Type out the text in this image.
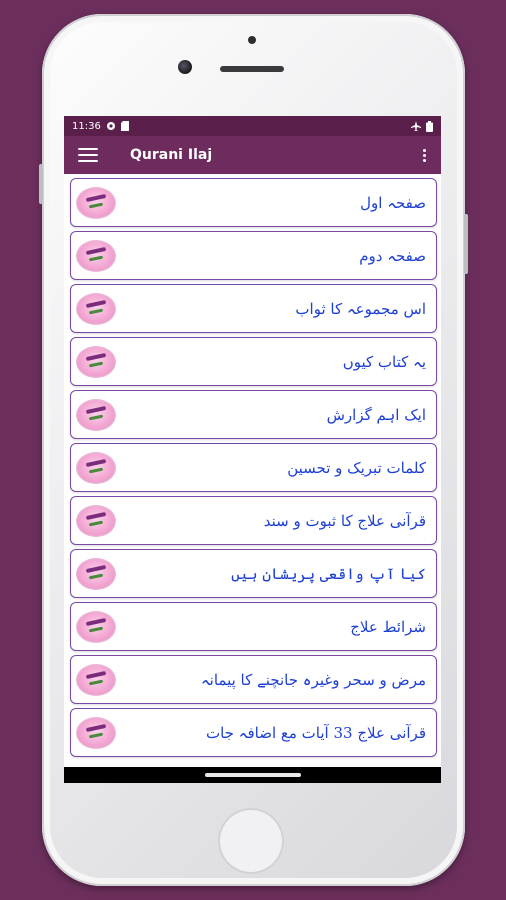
11:36
Qurani Ilaj
صفحہ اول
صفحہ دوم
اس مجموعہ کا ثواب
یہ کتاب کیوں
ایک اہم گزارش
کلمات تبریک و تحسین
قرآنی علاج کا ثبوت و سند
کیا آپ واقعی پریشان ہیں
شرائط علاج
مرض و سحر وغیرہ جانچنے کا پیمانہ
قرآنی علاج 33 آیات مع اضافہ جات
